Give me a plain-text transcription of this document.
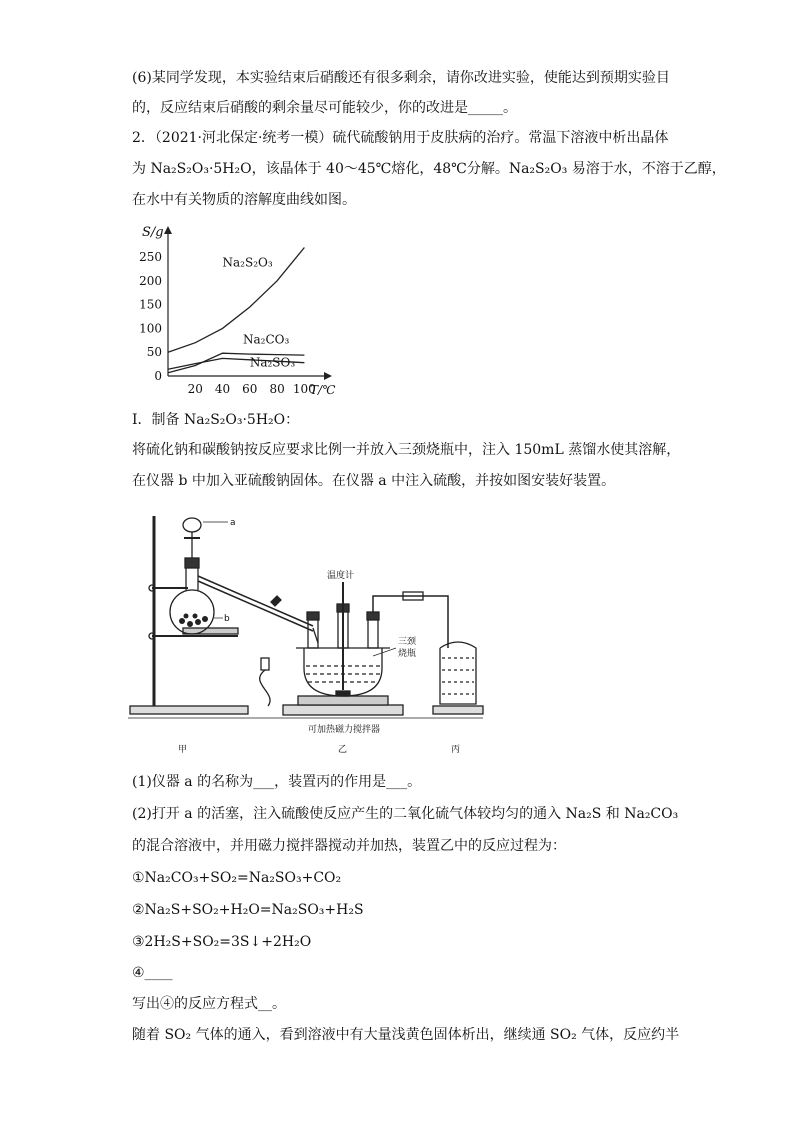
(6)某同学发现，本实验结束后硝酸还有很多剩余，请你改进实验，使能达到预期实验目
的，反应结束后硝酸的剩余量尽可能较少，你的改进是_____。
2．（2021·河北保定·统考一模）硫代硫酸钠用于皮肤病的治疗。常温下溶液中析出晶体
为 Na₂S₂O₃·5H₂O，该晶体于 40～45℃熔化，48℃分解。Na₂S₂O₃ 易溶于水，不溶于乙醇，
在水中有关物质的溶解度曲线如图。
S/g
T/℃
0
50
100
150
200
250
20 40 60 80 100
Na₂S₂O₃
Na₂CO₃
Na₂SO₃
Ⅰ．制备 Na₂S₂O₃·5H₂O：
将硫化钠和碳酸钠按反应要求比例一并放入三颈烧瓶中，注入 150mL 蒸馏水使其溶解，
在仪器 b 中加入亚硫酸钠固体。在仪器 a 中注入硫酸，并按如图安装好装置。
a
b
温度计
三颈
烧瓶
可加热磁力搅拌器
甲	乙	丙
(1)仪器 a 的名称为___，装置丙的作用是___。
(2)打开 a 的活塞，注入硫酸使反应产生的二氧化硫气体较均匀的通入 Na₂S 和 Na₂CO₃
的混合溶液中，并用磁力搅拌器搅动并加热，装置乙中的反应过程为：
①Na₂CO₃+SO₂=Na₂SO₃+CO₂
②Na₂S+SO₂+H₂O=Na₂SO₃+H₂S
③2H₂S+SO₂=3S↓+2H₂O
④____
写出④的反应方程式__。
随着 SO₂ 气体的通入，看到溶液中有大量浅黄色固体析出，继续通 SO₂ 气体，反应约半
